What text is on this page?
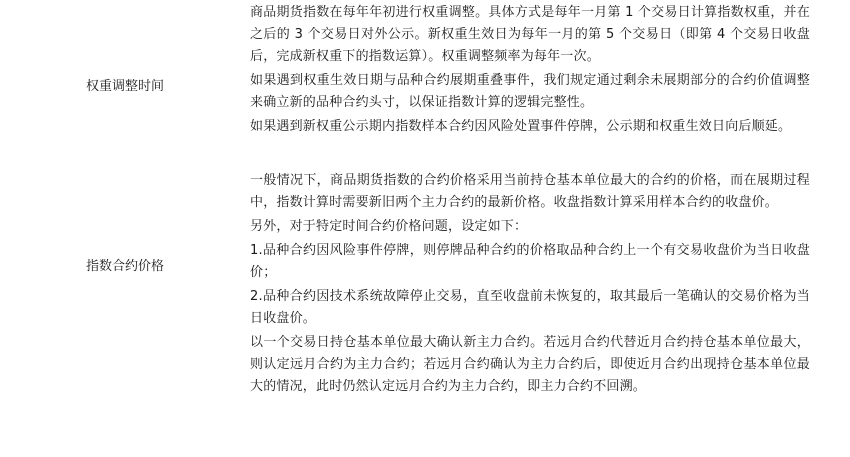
权重调整时间

商品期货指数在每年年初进行权重调整。具体方式是每年一月第 1 个交易日计算指数权重，并在之后的 3 个交易日对外公示。新权重生效日为每年一月的第 5 个交易日（即第 4 个交易日收盘后，完成新权重下的指数运算）。权重调整频率为每年一次。

如果遇到权重生效日期与品种合约展期重叠事件，我们规定通过剩余未展期部分的合约价值调整来确立新的品种合约头寸，以保证指数计算的逻辑完整性。

如果遇到新权重公示期内指数样本合约因风险处置事件停牌，公示期和权重生效日向后顺延。

指数合约价格

一般情况下，商品期货指数的合约价格采用当前持仓基本单位最大的合约的价格，而在展期过程中，指数计算时需要新旧两个主力合约的最新价格。收盘指数计算采用样本合约的收盘价。

另外，对于特定时间合约价格问题，设定如下：

1.品种合约因风险事件停牌，则停牌品种合约的价格取品种合约上一个有交易收盘价为当日收盘价；

2.品种合约因技术系统故障停止交易，直至收盘前未恢复的，取其最后一笔确认的交易价格为当日收盘价。

以一个交易日持仓基本单位最大确认新主力合约。若远月合约代替近月合约持仓基本单位最大，则认定远月合约为主力合约；若远月合约确认为主力合约后，即使近月合约出现持仓基本单位最大的情况，此时仍然认定远月合约为主力合约，即主力合约不回溯。
